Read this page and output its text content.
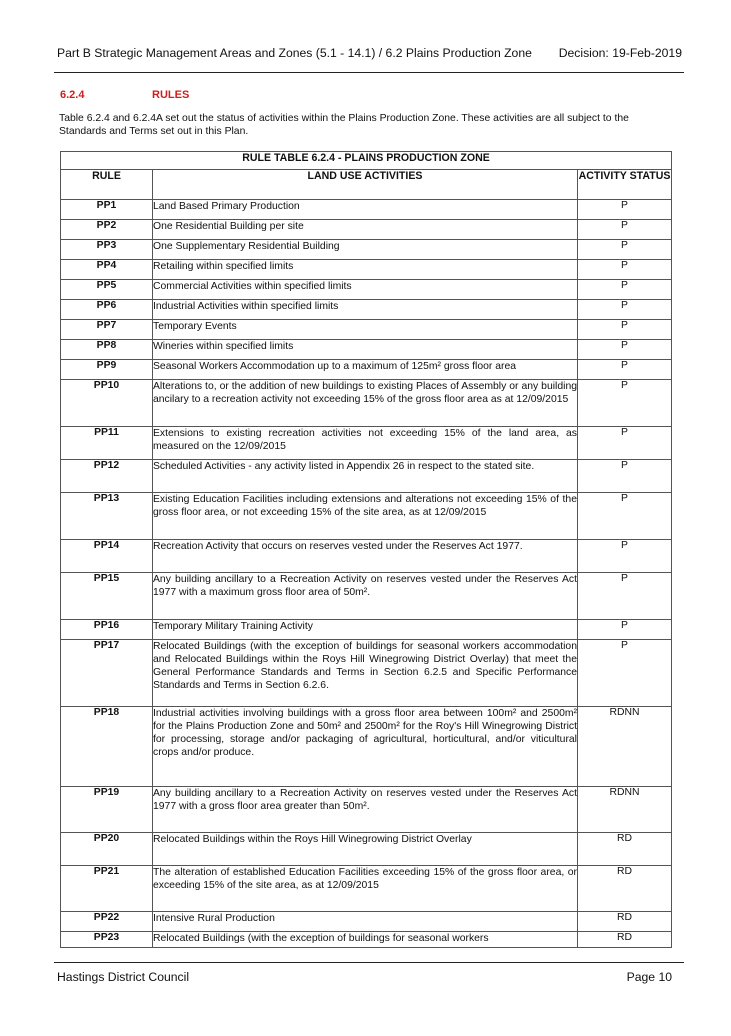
Part B Strategic Management Areas and Zones (5.1 - 14.1) / 6.2 Plains Production Zone Decision: 19-Feb-2019
6.2.4	RULES
Table 6.2.4 and 6.2.4A set out the status of activities within the Plains Production Zone. These activities are all subject to the Standards and Terms set out in this Plan.
RULE TABLE 6.2.4 - PLAINS PRODUCTION ZONE		
RULE	LAND USE ACTIVITIES	ACTIVITY STATUS
PP1	Land Based Primary Production	P
PP2	One Residential Building per site	P
PP3	One Supplementary Residential Building	P
PP4	Retailing within specified limits	P
PP5	Commercial Activities within specified limits	P
PP6	Industrial Activities within specified limits	P
PP7	Temporary Events	P
PP8	Wineries within specified limits	P
PP9	Seasonal Workers Accommodation up to a maximum of 125m² gross floor area	P
PP10	Alterations to, or the addition of new buildings to existing Places of Assembly or any building ancilary to a recreation activity not exceeding 15% of the gross floor area as at 12/09/2015	P
PP11	Extensions to existing recreation activities not exceeding 15% of the land area, as measured on the 12/09/2015	P
PP12	Scheduled Activities - any activity listed in Appendix 26 in respect to the stated site.	P
PP13	Existing Education Facilities including extensions and alterations not exceeding 15% of the gross floor area, or not exceeding 15% of the site area, as at 12/09/2015	P
PP14	Recreation Activity that occurs on reserves vested under the Reserves Act 1977.	P
PP15	Any building ancillary to a Recreation Activity on reserves vested under the Reserves Act 1977 with a maximum gross floor area of 50m².	P
PP16	Temporary Military Training Activity	P
PP17	Relocated Buildings (with the exception of buildings for seasonal workers accommodation and Relocated Buildings within the Roys Hill Winegrowing District Overlay) that meet the General Performance Standards and Terms in Section 6.2.5 and Specific Performance Standards and Terms in Section 6.2.6.	P
PP18	Industrial activities involving buildings with a gross floor area between 100m² and 2500m² for the Plains Production Zone and 50m² and 2500m² for the Roy's Hill Winegrowing District for processing, storage and/or packaging of agricultural, horticultural, and/or viticultural crops and/or produce.	RDNN
PP19	Any building ancillary to a Recreation Activity on reserves vested under the Reserves Act 1977 with a gross floor area greater than 50m².	RDNN
PP20	Relocated Buildings within the Roys Hill Winegrowing District Overlay	RD
PP21	The alteration of established Education Facilities exceeding 15% of the gross floor area, or exceeding 15% of the site area, as at 12/09/2015	RD
PP22	Intensive Rural Production	RD
PP23	Relocated Buildings (with the exception of buildings for seasonal workers	RD
Hastings District Council	Page 10
